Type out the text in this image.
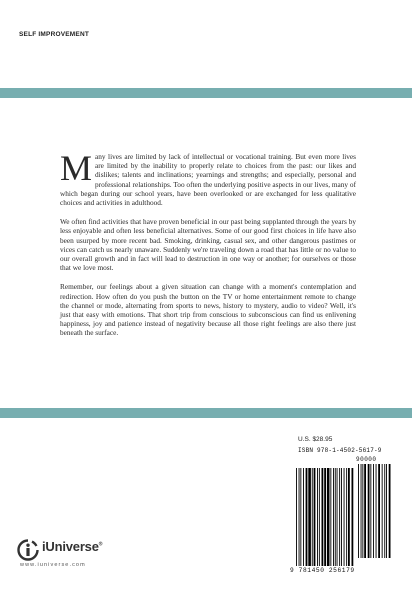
SELF IMPROVEMENT

Many lives are limited by lack of intellectual or vocational training. But even more lives are limited by the inability to properly relate to choices from the past: our likes and dislikes; talents and inclinations; yearnings and strengths; and especially, personal and professional relationships. Too often the underlying positive aspects in our lives, many of which began during our school years, have been overlooked or are exchanged for less qualitative choices and activities in adulthood.

We often find activities that have proven beneficial in our past being supplanted through the years by less enjoyable and often less beneficial alternatives. Some of our good first choices in life have also been usurped by more recent bad. Smoking, drinking, casual sex, and other dangerous pastimes or vices can catch us nearly unaware. Suddenly we're traveling down a road that has little or no value to our overall growth and in fact will lead to destruction in one way or another; for ourselves or those that we love most.

Remember, our feelings about a given situation can change with a moment's contemplation and redirection. How often do you push the button on the TV or home entertainment remote to change the channel or mode, alternating from sports to news, history to mystery, audio to video? Well, it's just that easy with emotions. That short trip from conscious to subconscious can find us enlivening happiness, joy and patience instead of negativity because all those right feelings are also there just beneath the surface.

U.S. $28.95
ISBN 978-1-4502-5617-9
90000
9 781450 256179
iUniverse®
www.iuniverse.com
